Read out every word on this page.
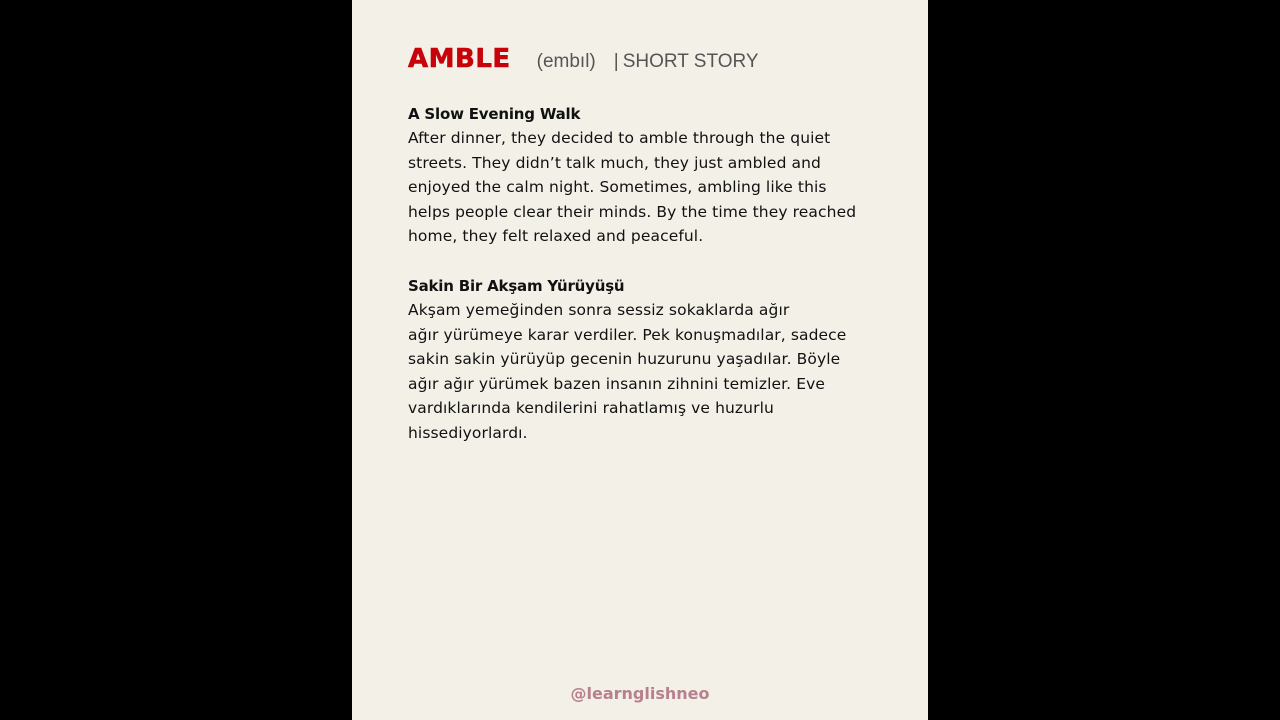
AMBLE (embıl) | SHORT STORY
A Slow Evening Walk

After dinner, they decided to amble through the quiet
streets. They didn’t talk much, they just ambled and
enjoyed the calm night. Sometimes, ambling like this
helps people clear their minds. By the time they reached
home, they felt relaxed and peaceful.

Sakin Bir Akşam Yürüyüşü

Akşam yemeğinden sonra sessiz sokaklarda ağır
ağır yürümeye karar verdiler. Pek konuşmadılar, sadece
sakin sakin yürüyüp gecenin huzurunu yaşadılar. Böyle
ağır ağır yürümek bazen insanın zihnini temizler. Eve
vardıklarında kendilerini rahatlamış ve huzurlu
hissediyorlardı.

@learnglishneo
